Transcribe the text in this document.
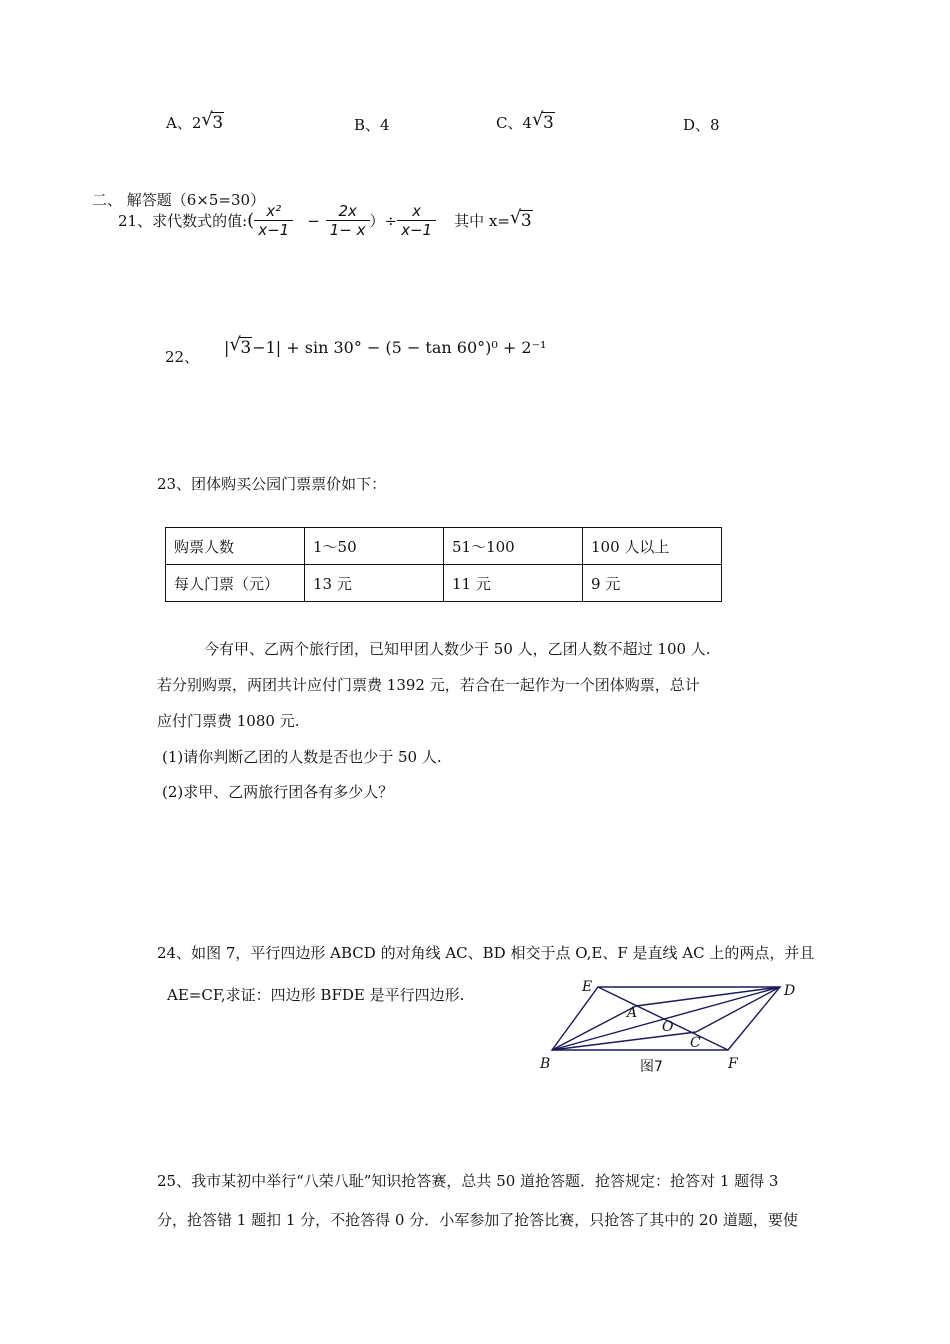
A、2 √ 3	B、4	C、4 √ 3	D、8
二、 解答题（6×5=30）
21、求代数式的值: ( $\frac{\text{x²}}{x-1} - \frac{2x}{1- x}$ ）÷ $\frac{x}{x-1}$ 其中 x= √ 3
22、 | √ 3−1| + sin 30° − (5 − tan 60°)⁰ + 2⁻¹
23、团体购买公园门票票价如下：
购票人数	1～50	51～100	100 人以上
每人门票（元）	13 元	11 元	9 元
今有甲、乙两个旅行团，已知甲团人数少于 50 人，乙团人数不超过 100 人.
若分别购票，两团共计应付门票费 1392 元，若合在一起作为一个团体购票，总计
应付门票费 1080 元.
(1)请你判断乙团的人数是否也少于 50 人.
(2)求甲、乙两旅行团各有多少人？
24、如图 7，平行四边形 ABCD 的对角线 AC、BD 相交于点 O,E、F 是直线 AC 上的两点，并且
AE=CF,求证：四边形 BFDE 是平行四边形.	E	D
A
O
C
B	F
图7
25、我市某初中举行“八荣八耻”知识抢答赛，总共 50 道抢答题．抢答规定：抢答对 1 题得 3
分，抢答错 1 题扣 1 分，不抢答得 0 分．小军参加了抢答比赛，只抢答了其中的 20 道题，要使
